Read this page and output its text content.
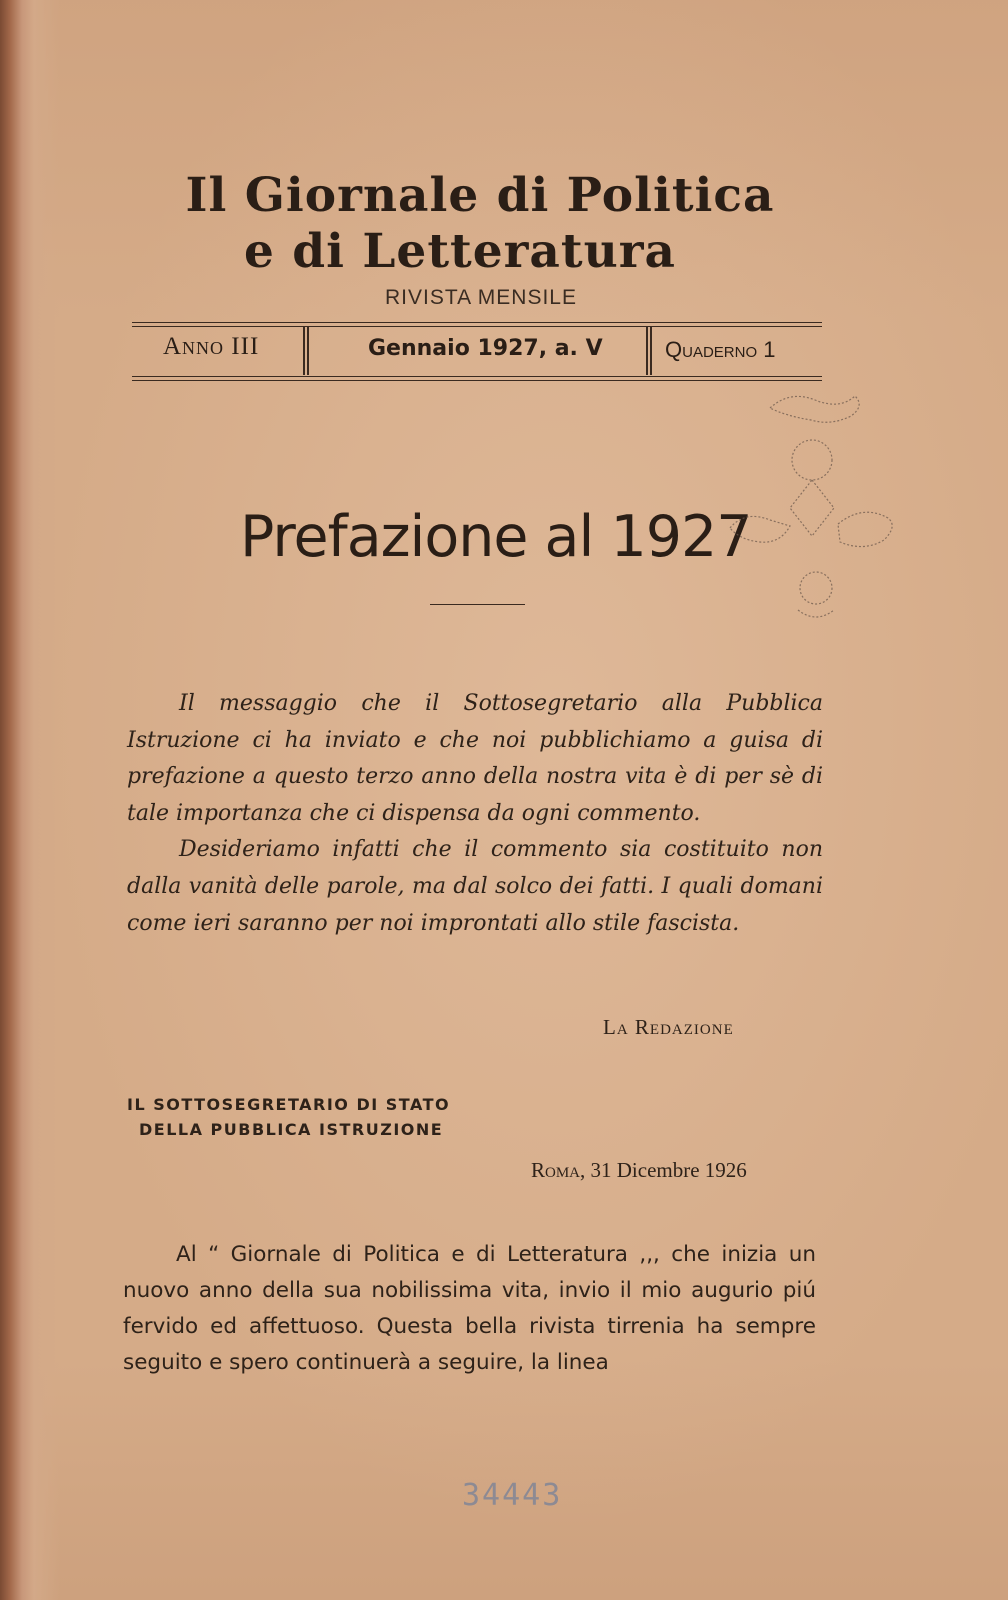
Il Giornale di Politica
e di Letteratura
RIVISTA MENSILE
Anno III	Gennaio 1927, a. V	Quaderno 1
Prefazione al 1927

Il messaggio che il Sottosegretario alla Pubblica Istruzione ci ha inviato e che noi pubblichiamo a guisa di prefazione a questo terzo anno della nostra vita è di per sè di tale importanza che ci dispensa da ogni commento.

Desideriamo infatti che il commento sia costituito non dalla vanità delle parole, ma dal solco dei fatti. I quali domani come ieri saranno per noi improntati allo stile fascista.

La Redazione
IL SOTTOSEGRETARIO DI STATO
DELLA PUBBLICA ISTRUZIONE
Roma, 31 Dicembre 1926
Al “ Giornale di Politica e di Letteratura ,,, che inizia un nuovo anno della sua nobilissima vita, invio il mio augurio piú fervido ed affettuoso. Questa bella rivista tirrenia ha sempre seguito e spero continuerà a seguire, la linea
34443
